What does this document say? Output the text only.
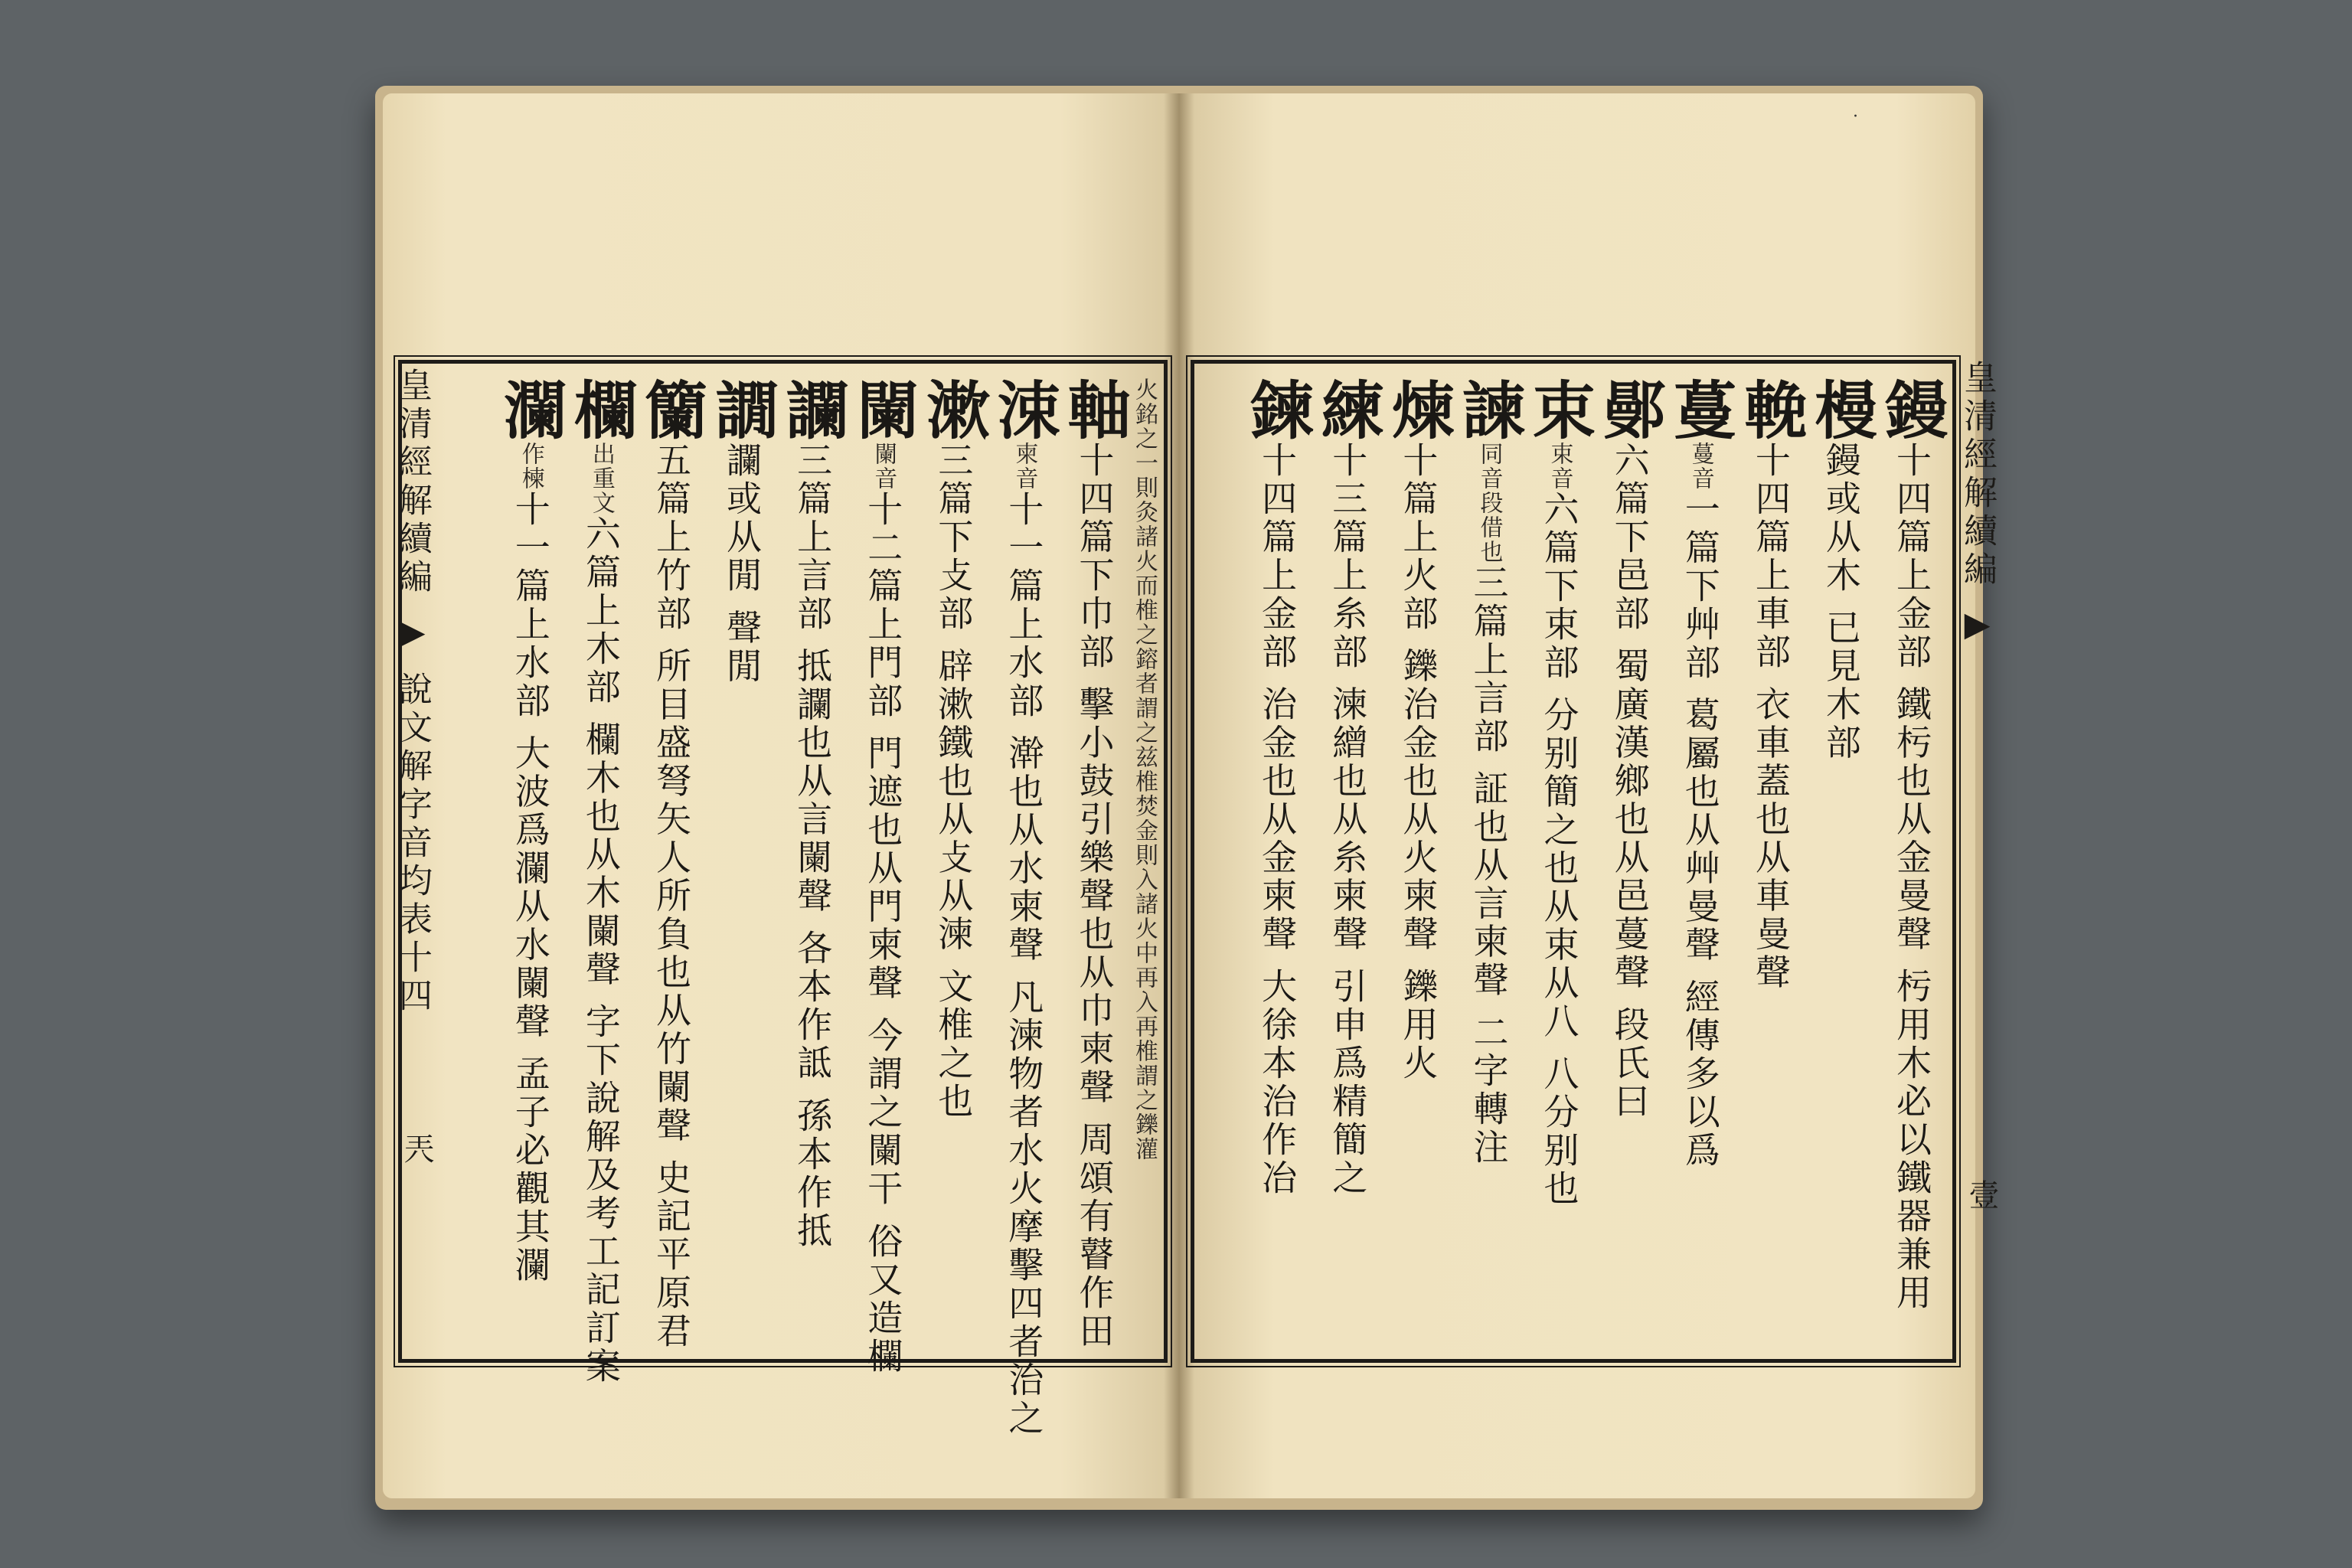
·
火銘之一則灸諸火而椎之鎔者謂之兹椎焚金則入諸火中再入再椎謂之鑠灌
軸十四篇下巾部 擊小鼓引樂聲也从巾柬聲 周頌有瞽作田
涑柬音十一篇上水部 澣也从水柬聲 凡湅物者水火摩擊四者治之
漱三篇下攴部 辟漱鐵也从攴从湅 文椎之也
闌闌音十二篇上門部 門遮也从門柬聲 今謂之闌干 俗又造欄
讕三篇上言部 抵讕也从言闌聲 各本作詆 孫本作抵
譋讕或从閒 聲閒
籣五篇上竹部 所目盛弩矢人所負也从竹闌聲 史記平原君
欄出重文六篇上木部 欄木也从木闌聲 字下說解及考工記訂案
瀾作楝十一篇上水部 大波爲瀾从水闌聲 孟子必觀其瀾
鏝十四篇上金部 鐵杇也从金曼聲 杇用木必以鐵器兼用
槾鏝或从木 已見木部
輓十四篇上車部 衣車蓋也从車曼聲
蔓蔓音一篇下艸部 葛屬也从艸曼聲 經傳多以爲
鄤六篇下邑部 蜀廣漢鄉也从邑蔓聲 段氏曰
束束音六篇下束部 分别簡之也从束从八 八分别也
諫同音段借也三篇上言部 証也从言柬聲 二字轉注
煉十篇上火部 鑠治金也从火柬聲 鑠用火
練十三篇上糸部 湅繒也从糸柬聲 引申爲精簡之
鍊十四篇上金部 治金也从金柬聲 大徐本治作冶
皇清經解續編 ▶ 說文解字音均表十四	皇清經解續編 ▶
兲
壹
